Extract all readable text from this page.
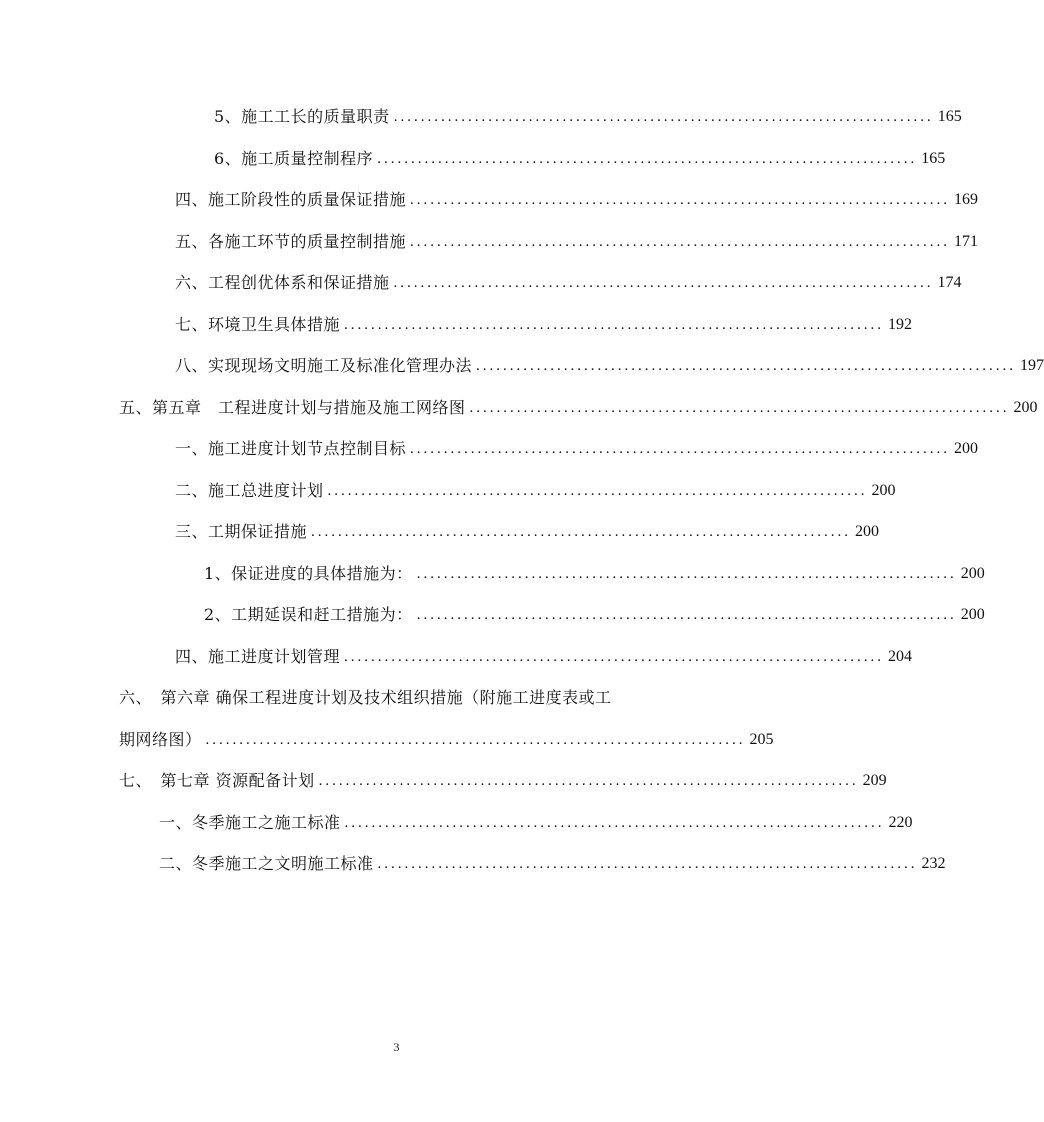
5、施工工长的质量职责 ................................................................................ 165
6、施工质量控制程序 ................................................................................ 165
四、施工阶段性的质量保证措施 ................................................................................ 169
五、各施工环节的质量控制措施 ................................................................................ 171
六、工程创优体系和保证措施 ................................................................................ 174
七、环境卫生具体措施 ................................................................................ 192
八、实现现场文明施工及标准化管理办法 ................................................................................ 197
五、第五章　工程进度计划与措施及施工网络图 ................................................................................ 200
一、施工进度计划节点控制目标 ................................................................................ 200
二、施工总进度计划 ................................................................................ 200
三、工期保证措施 ................................................................................ 200
1、保证进度的具体措施为： ................................................................................ 200
2、工期延误和赶工措施为： ................................................................................ 200
四、施工进度计划管理 ................................................................................ 204
六、　第六章 确保工程进度计划及技术组织措施（附施工进度表或工
期网络图） ................................................................................ 205
七、　第七章 资源配备计划 ................................................................................ 209
一、冬季施工之施工标准 ................................................................................ 220
二、冬季施工之文明施工标准 ................................................................................ 232
3
